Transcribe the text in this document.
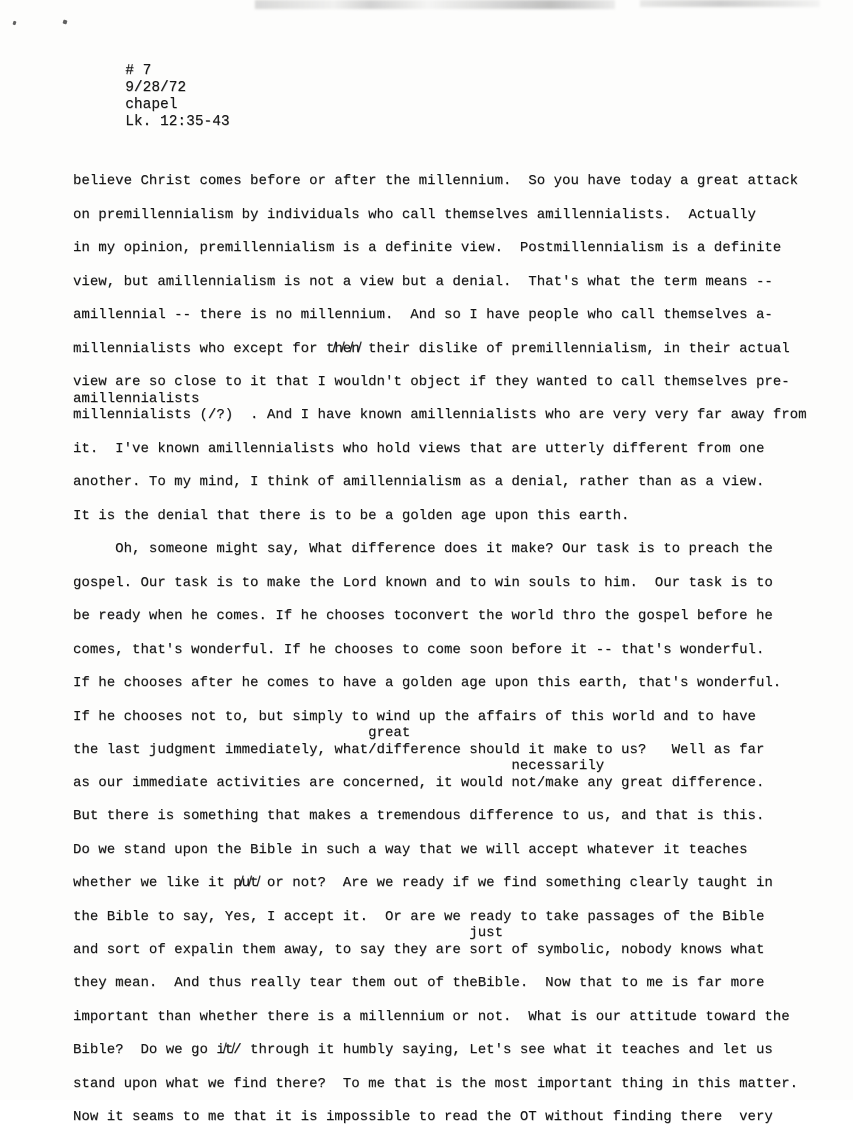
# 7
9/28/72
chapel
Lk. 12:35-43

believe Christ comes before or after the millennium.  So you have today a great attack
on premillennialism by individuals who call themselves amillennialists.  Actually
in my opinion, premillennialism is a definite view.  Postmillennialism is a definite
view, but amillennialism is not a view but a denial.  That's what the term means --
amillennial -- there is no millennium.  And so I have people who call themselves a-
millennialists who except for t̸h̸e̸n̸ their dislike of premillennialism, in their actual
view are so close to it that I wouldn't object if they wanted to call themselves pre-
amillennialists
millennialists (/?)  . And I have known amillennialists who are very very far away from
it.  I've known amillennialists who hold views that are utterly different from one
another. To my mind, I think of amillennialism as a denial, rather than as a view.
It is the denial that there is to be a golden age upon this earth.
Oh, someone might say, What difference does it make? Our task is to preach the
gospel. Our task is to make the Lord known and to win souls to him.  Our task is to
be ready when he comes. If he chooses toconvert the world thro the gospel before he
comes, that's wonderful. If he chooses to come soon before it -- that's wonderful.
If he chooses after he comes to have a golden age upon this earth, that's wonderful.
If he chooses not to, but simply to wind up the affairs of this world and to have
great
the last judgment immediately, what/difference should it make to us?   Well as far
necessarily
as our immediate activities are concerned, it would not/make any great difference.
But there is something that makes a tremendous difference to us, and that is this.
Do we stand upon the Bible in such a way that we will accept whatever it teaches
whether we like it p̸u̸t̸ or not?  Are we ready if we find something clearly taught in
the Bible to say, Yes, I accept it.  Or are we ready to take passages of the Bible
just
and sort of expalin them away, to say they are sort of symbolic, nobody knows what
they mean.  And thus really tear them out of theBible.  Now that to me is far more
important than whether there is a millennium or not.  What is our attitude toward the
Bible?  Do we go i̸t̸/ through it humbly saying, Let's see what it teaches and let us
stand upon what we find there?  To me that is the most important thing in this matter.
Now it seams to me that it is impossible to read the OT without finding there  very
